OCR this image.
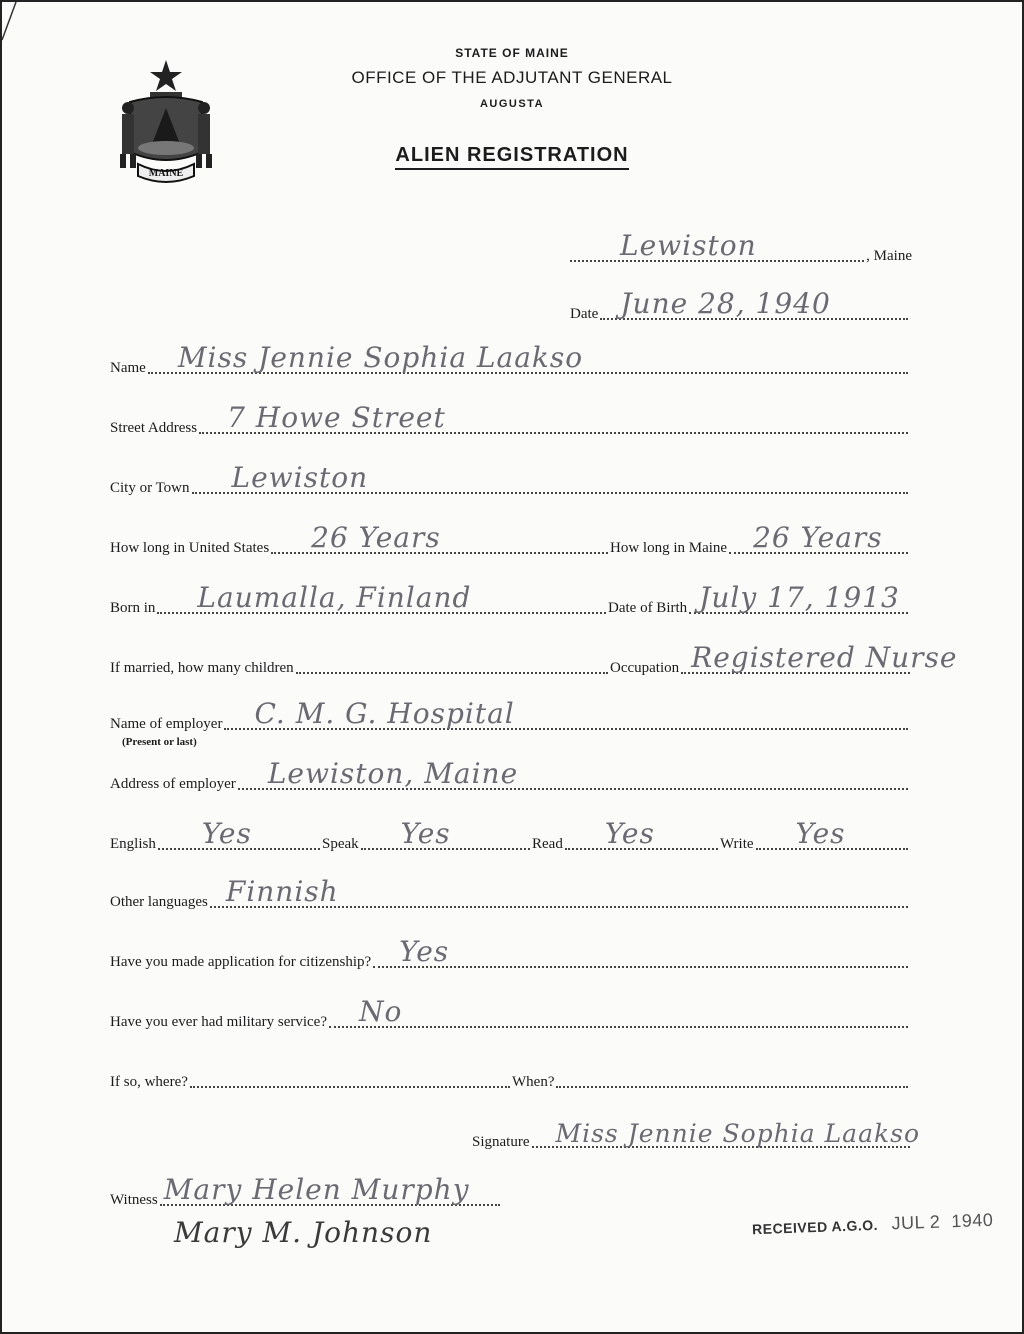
MAINE
STATE OF MAINE
OFFICE OF THE ADJUTANT GENERAL
AUGUSTA
ALIEN REGISTRATION
Lewiston	, Maine
Date June 28, 1940
Name Miss Jennie Sophia Laakso
Street Address 7 Howe Street
City or Town Lewiston
How long in United States 26 Years	How long in Maine 26 Years
Born in Laumalla, Finland	Date of Birth July 17, 1913
If married, how many children	Occupation Registered Nurse
Name of employer C. M. G. Hospital
(Present or last)
Address of employer Lewiston, Maine
English Yes	Speak Yes	Read Yes	Write Yes
Other languages Finnish
Have you made application for citizenship? Yes
Have you ever had military service? No
If so, where?	When?
Signature Miss Jennie Sophia Laakso
Witness Mary Helen Murphy
Mary M. Johnson	RECEIVED A.G.O. JUL 2  1940
